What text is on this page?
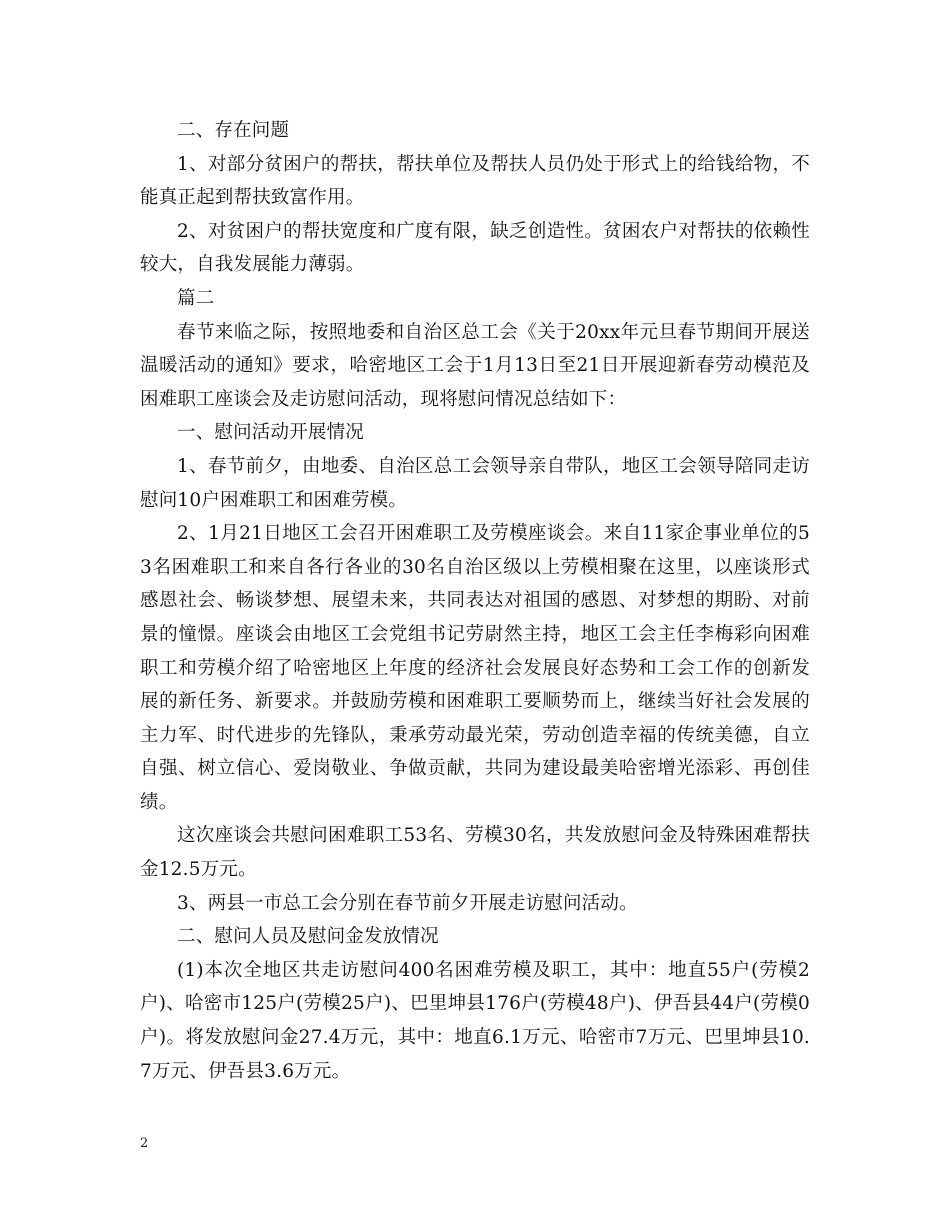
二、存在问题

1、对部分贫困户的帮扶，帮扶单位及帮扶人员仍处于形式上的给钱给物，不能真正起到帮扶致富作用。

2、对贫困户的帮扶宽度和广度有限，缺乏创造性。贫困农户对帮扶的依赖性较大，自我发展能力薄弱。

篇二

春节来临之际，按照地委和自治区总工会《关于20xx年元旦春节期间开展送温暖活动的通知》要求，哈密地区工会于1月13日至21日开展迎新春劳动模范及困难职工座谈会及走访慰问活动，现将慰问情况总结如下：

一、慰问活动开展情况

1、春节前夕，由地委、自治区总工会领导亲自带队，地区工会领导陪同走访慰问10户困难职工和困难劳模。

2、1月21日地区工会召开困难职工及劳模座谈会。来自11家企事业单位的53名困难职工和来自各行各业的30名自治区级以上劳模相聚在这里，以座谈形式感恩社会、畅谈梦想、展望未来，共同表达对祖国的感恩、对梦想的期盼、对前景的憧憬。座谈会由地区工会党组书记劳尉然主持，地区工会主任李梅彩向困难职工和劳模介绍了哈密地区上年度的经济社会发展良好态势和工会工作的创新发展的新任务、新要求。并鼓励劳模和困难职工要顺势而上，继续当好社会发展的主力军、时代进步的先锋队，秉承劳动最光荣，劳动创造幸福的传统美德，自立自强、树立信心、爱岗敬业、争做贡献，共同为建设最美哈密增光添彩、再创佳绩。

这次座谈会共慰问困难职工53名、劳模30名，共发放慰问金及特殊困难帮扶金12.5万元。

3、两县一市总工会分别在春节前夕开展走访慰问活动。

二、慰问人员及慰问金发放情况

(1)本次全地区共走访慰问400名困难劳模及职工，其中：地直55户(劳模2户)、哈密市125户(劳模25户)、巴里坤县176户(劳模48户)、伊吾县44户(劳模0户)。将发放慰问金27.4万元，其中：地直6.1万元、哈密市7万元、巴里坤县10.7万元、伊吾县3.6万元。

2
